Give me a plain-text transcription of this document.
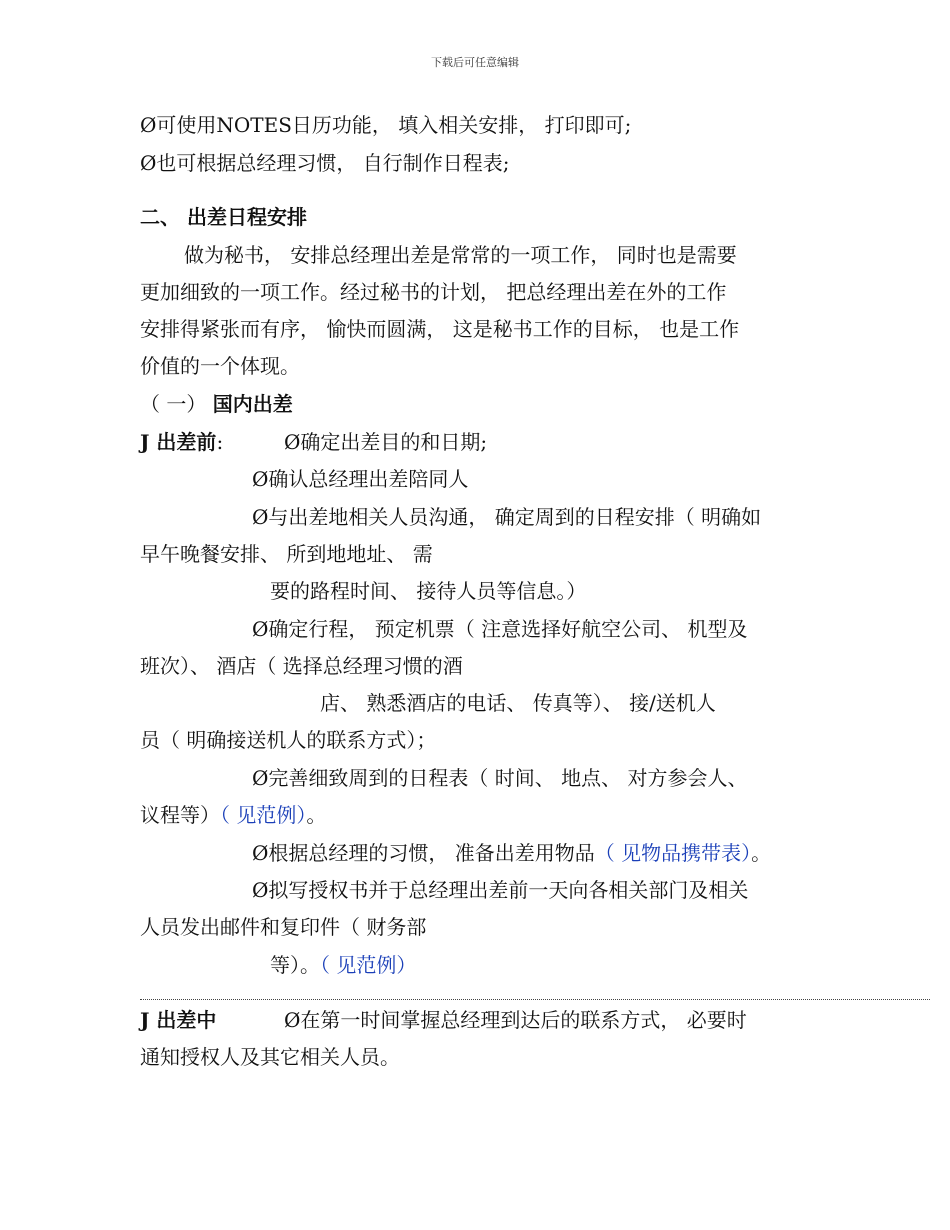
下载后可任意编辑
Ø可使用NOTES日历功能， 填入相关安排， 打印即可;
Ø也可根据总经理习惯， 自行制作日程表;
二、 出差日程安排
做为秘书， 安排总经理出差是常常的一项工作， 同时也是需要
更加细致的一项工作。经过秘书的计划， 把总经理出差在外的工作
安排得紧张而有序， 愉快而圆满， 这是秘书工作的目标， 也是工作
价值的一个体现。
（ 一） 国内出差
J 出差前:	Ø确定出差目的和日期;
Ø确认总经理出差陪同人
Ø与出差地相关人员沟通， 确定周到的日程安排（ 明确如
早午晚餐安排、 所到地地址、 需
要的路程时间、 接待人员等信息。）
Ø确定行程， 预定机票（ 注意选择好航空公司、 机型及
班次）、 酒店（ 选择总经理习惯的酒
店、 熟悉酒店的电话、 传真等）、 接/送机人
员（ 明确接送机人的联系方式）；
Ø完善细致周到的日程表（ 时间、 地点、 对方参会人、
议程等）（ 见范例）。
Ø根据总经理的习惯， 准备出差用物品（ 见物品携带表）。
Ø拟写授权书并于总经理出差前一天向各相关部门及相关
人员发出邮件和复印件（ 财务部
等）。（ 见范例）
J 出差中	Ø在第一时间掌握总经理到达后的联系方式， 必要时
通知授权人及其它相关人员。
